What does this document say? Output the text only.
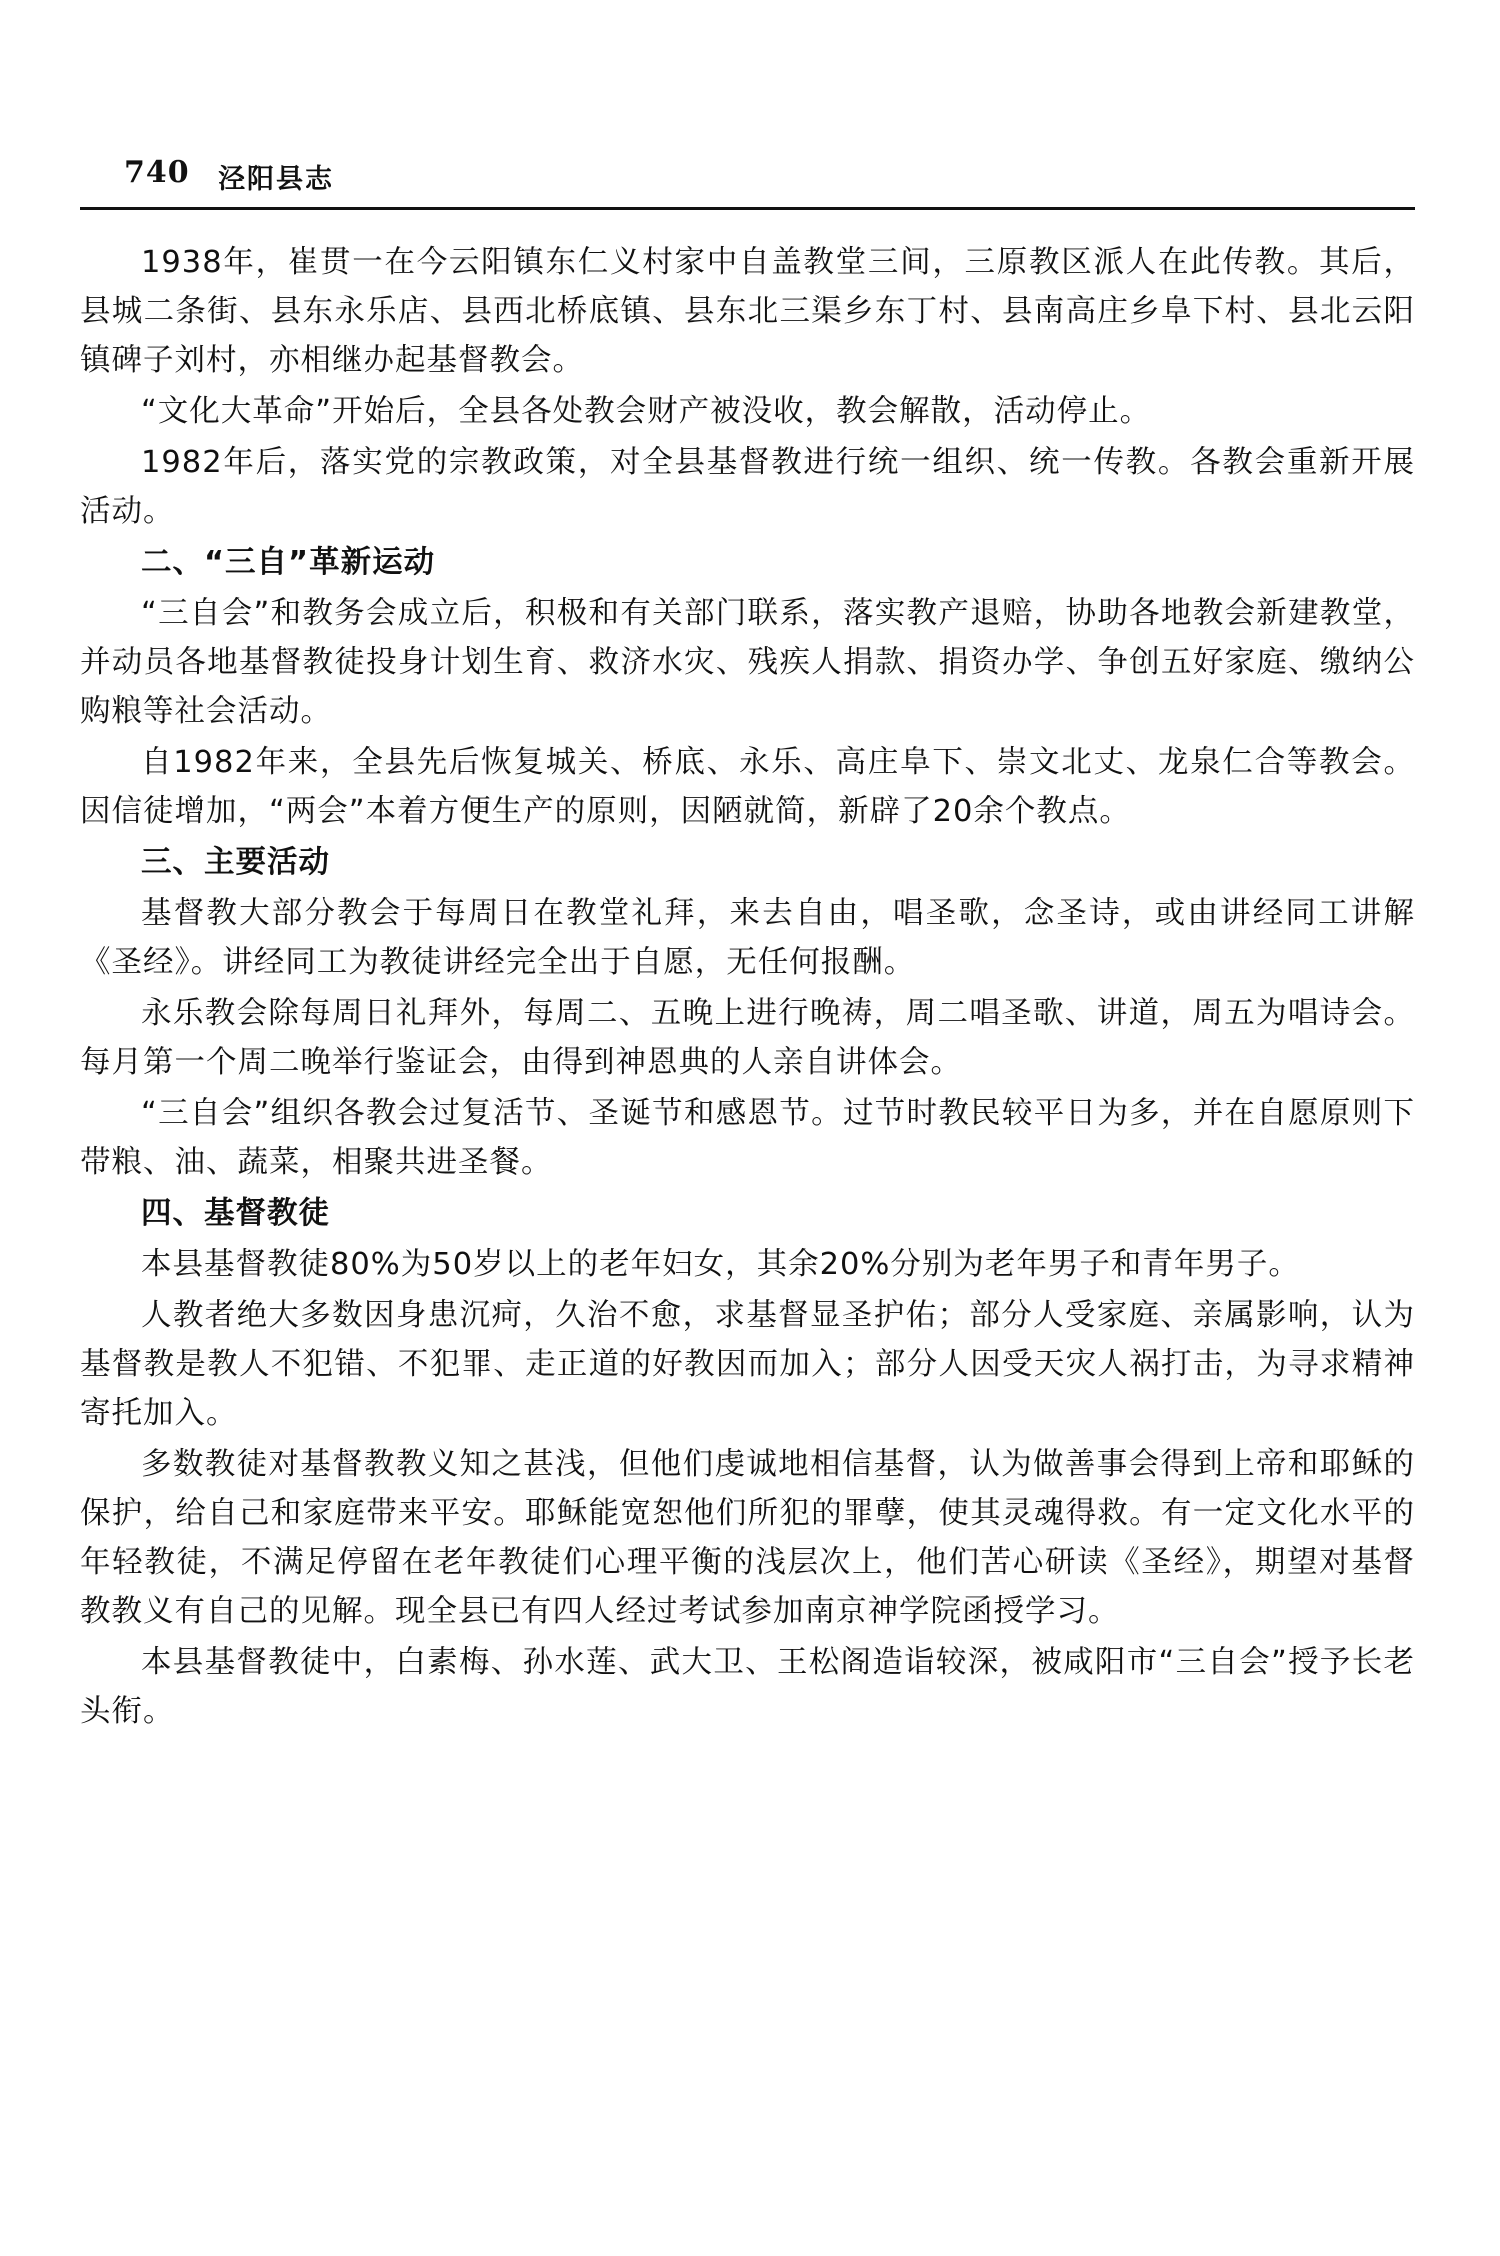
740 泾阳县志

1938年，崔贯一在今云阳镇东仁义村家中自盖教堂三间，三原教区派人在此传教。其后，县城二条街、县东永乐店、县西北桥底镇、县东北三渠乡东丁村、县南高庄乡阜下村、县北云阳镇碑子刘村，亦相继办起基督教会。

“文化大革命”开始后，全县各处教会财产被没收，教会解散，活动停止。

1982年后，落实党的宗教政策，对全县基督教进行统一组织、统一传教。各教会重新开展活动。

二、“三自”革新运动

“三自会”和教务会成立后，积极和有关部门联系，落实教产退赔，协助各地教会新建教堂，并动员各地基督教徒投身计划生育、救济水灾、残疾人捐款、捐资办学、争创五好家庭、缴纳公购粮等社会活动。

自1982年来，全县先后恢复城关、桥底、永乐、高庄阜下、崇文北丈、龙泉仁合等教会。因信徒增加，“两会”本着方便生产的原则，因陋就简，新辟了20余个教点。

三、主要活动

基督教大部分教会于每周日在教堂礼拜，来去自由，唱圣歌，念圣诗，或由讲经同工讲解《圣经》。讲经同工为教徒讲经完全出于自愿，无任何报酬。

永乐教会除每周日礼拜外，每周二、五晚上进行晚祷，周二唱圣歌、讲道，周五为唱诗会。每月第一个周二晚举行鉴证会，由得到神恩典的人亲自讲体会。

“三自会”组织各教会过复活节、圣诞节和感恩节。过节时教民较平日为多，并在自愿原则下带粮、油、蔬菜，相聚共进圣餐。

四、基督教徒

本县基督教徒80%为50岁以上的老年妇女，其余20%分别为老年男子和青年男子。

人教者绝大多数因身患沉疴，久治不愈，求基督显圣护佑；部分人受家庭、亲属影响，认为基督教是教人不犯错、不犯罪、走正道的好教因而加入；部分人因受天灾人祸打击，为寻求精神寄托加入。

多数教徒对基督教教义知之甚浅，但他们虔诚地相信基督，认为做善事会得到上帝和耶稣的保护，给自己和家庭带来平安。耶稣能宽恕他们所犯的罪孽，使其灵魂得救。有一定文化水平的年轻教徒，不满足停留在老年教徒们心理平衡的浅层次上，他们苦心研读《圣经》，期望对基督教教义有自己的见解。现全县已有四人经过考试参加南京神学院函授学习。

本县基督教徒中，白素梅、孙水莲、武大卫、王松阁造诣较深，被咸阳市“三自会”授予长老头衔。
